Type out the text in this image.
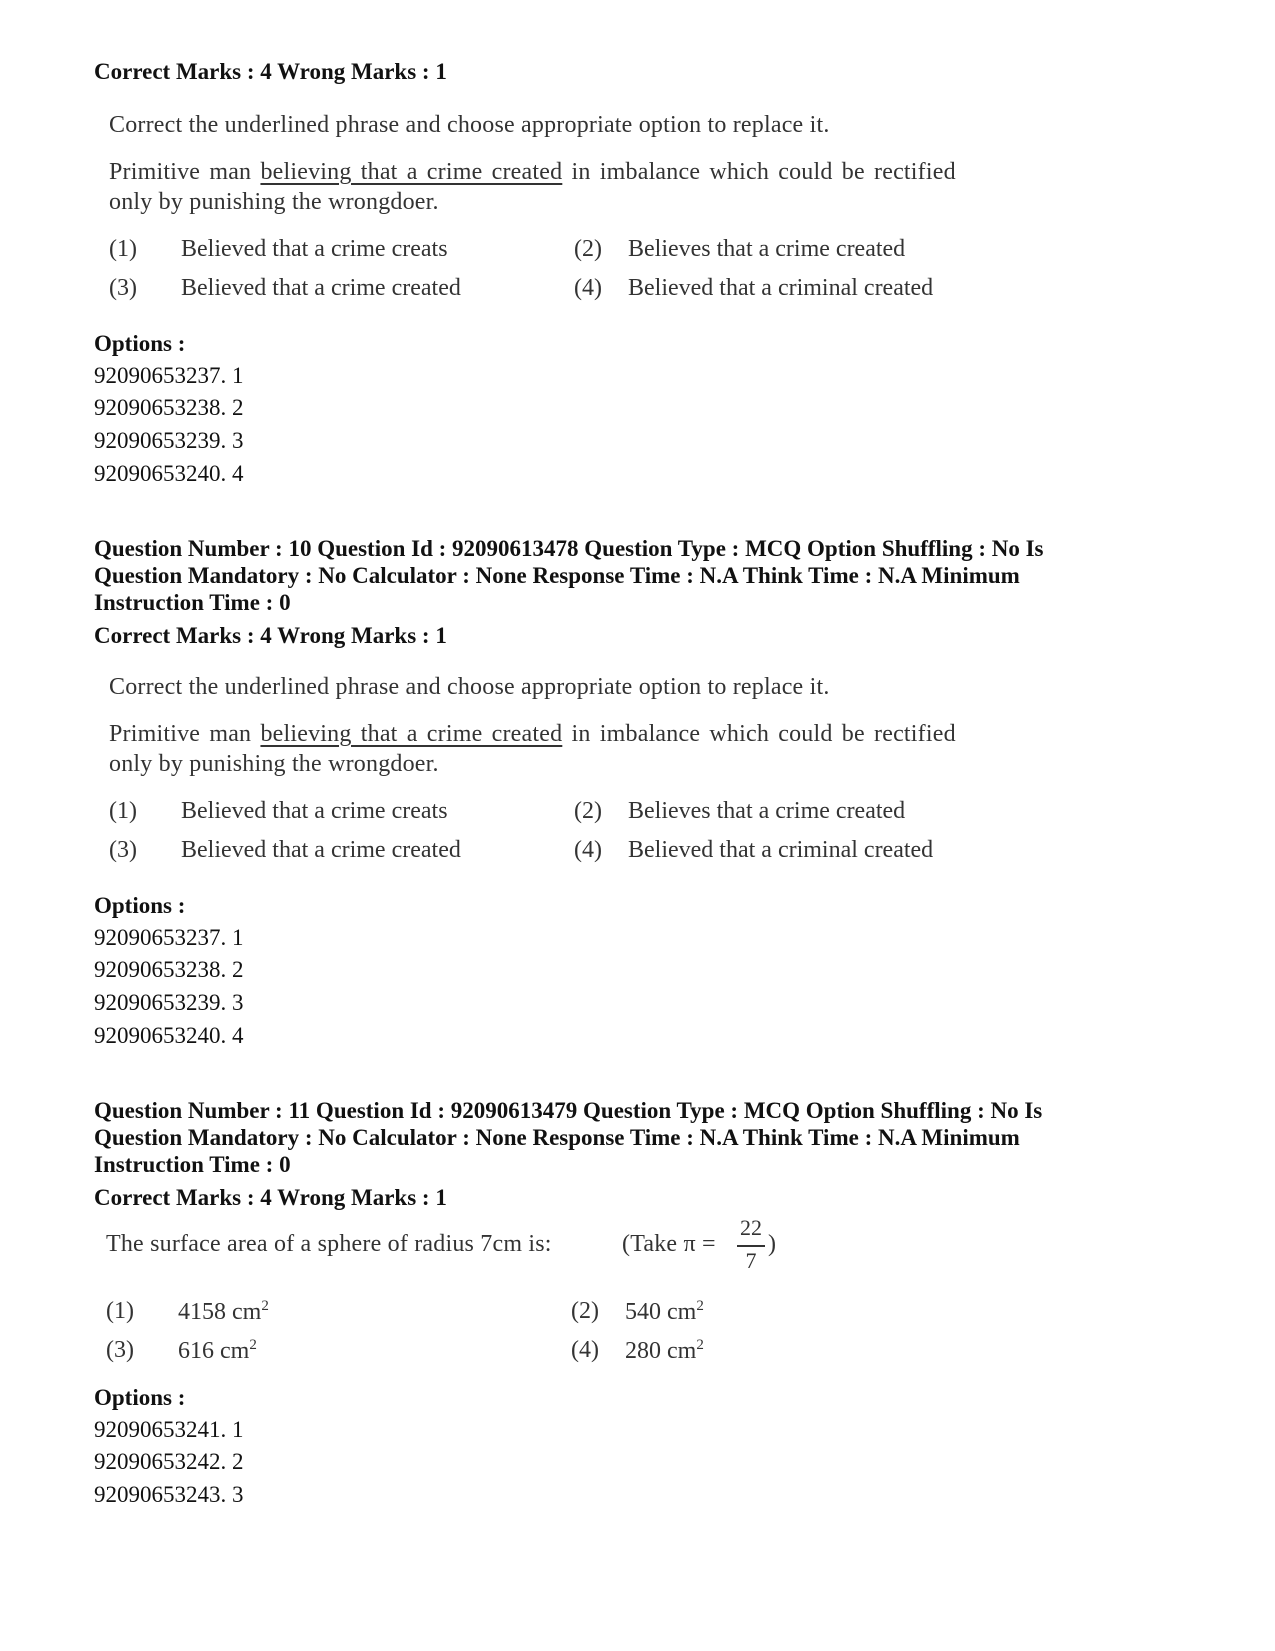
Correct Marks : 4 Wrong Marks : 1
Correct the underlined phrase and choose appropriate option to replace it.
Primitive man believing that a crime created in imbalance which could be rectified
only by punishing the wrongdoer.
(1) Believed that a crime creats	(2) Believes that a crime created
(3) Believed that a crime created	(4) Believed that a criminal created
Options :
92090653237. 1
92090653238. 2
92090653239. 3
92090653240. 4
Question Number : 10 Question Id : 92090613478 Question Type : MCQ Option Shuffling : No Is
Question Mandatory : No Calculator : None Response Time : N.A Think Time : N.A Minimum
Instruction Time : 0
Correct Marks : 4 Wrong Marks : 1
Correct the underlined phrase and choose appropriate option to replace it.
Primitive man believing that a crime created in imbalance which could be rectified
only by punishing the wrongdoer.
(1) Believed that a crime creats	(2) Believes that a crime created
(3) Believed that a crime created	(4) Believed that a criminal created
Options :
92090653237. 1
92090653238. 2
92090653239. 3
92090653240. 4
Question Number : 11 Question Id : 92090613479 Question Type : MCQ Option Shuffling : No Is
Question Mandatory : No Calculator : None Response Time : N.A Think Time : N.A Minimum
Instruction Time : 0
Correct Marks : 4 Wrong Marks : 1
The surface area of a sphere of radius 7cm is:	(Take π =
22
7
)
(1) 4158 $cm^2$	(2) 540 $cm^2$
(3) 616 $cm^2$	(4) 280 $cm^2$
Options :
92090653241. 1
92090653242. 2
92090653243. 3
